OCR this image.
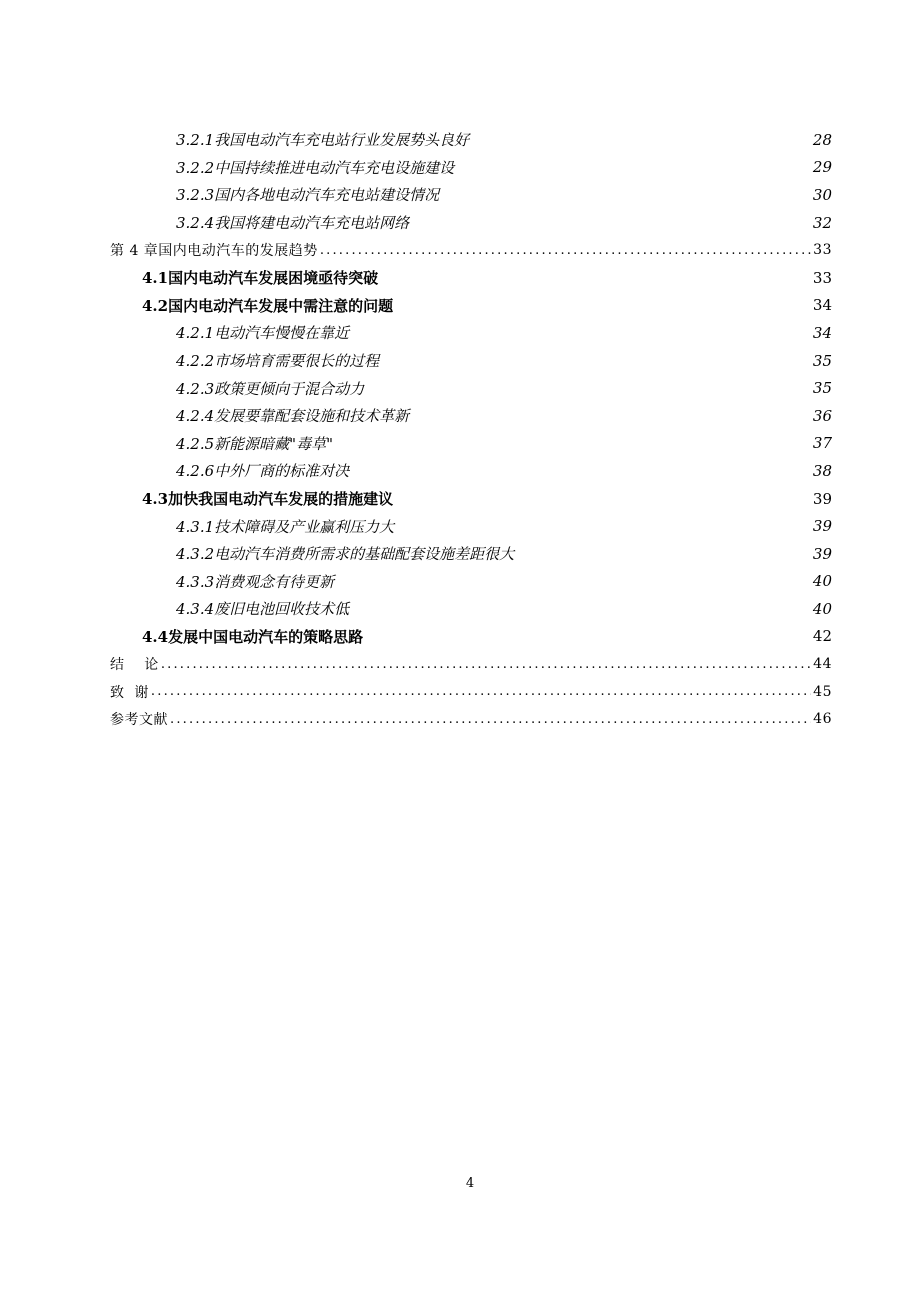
3.2.1我国电动汽车充电站行业发展势头良好	28
3.2.2中国持续推进电动汽车充电设施建设	29
3.2.3国内各地电动汽车充电站建设情况	30
3.2.4我国将建电动汽车充电站网络	32
第 4 章国内电动汽车的发展趋势 .....	33
4.1国内电动汽车发展困境亟待突破	33
4.2国内电动汽车发展中需注意的问题	34
4.2.1电动汽车慢慢在靠近	34
4.2.2市场培育需要很长的过程	35
4.2.3政策更倾向于混合动力	35
4.2.4发展要靠配套设施和技术革新	36
4.2.5新能源暗藏"毒草"	37
4.2.6中外厂商的标准对决	38
4.3加快我国电动汽车发展的措施建议	39
4.3.1技术障碍及产业赢利压力大	39
4.3.2电动汽车消费所需求的基础配套设施差距很大	39
4.3.3消费观念有待更新	40
4.3.4废旧电池回收技术低	40
4.4发展中国电动汽车的策略思路	42
结    论 .....	44
致  谢 .....	45
参考文献 .....	46
4
